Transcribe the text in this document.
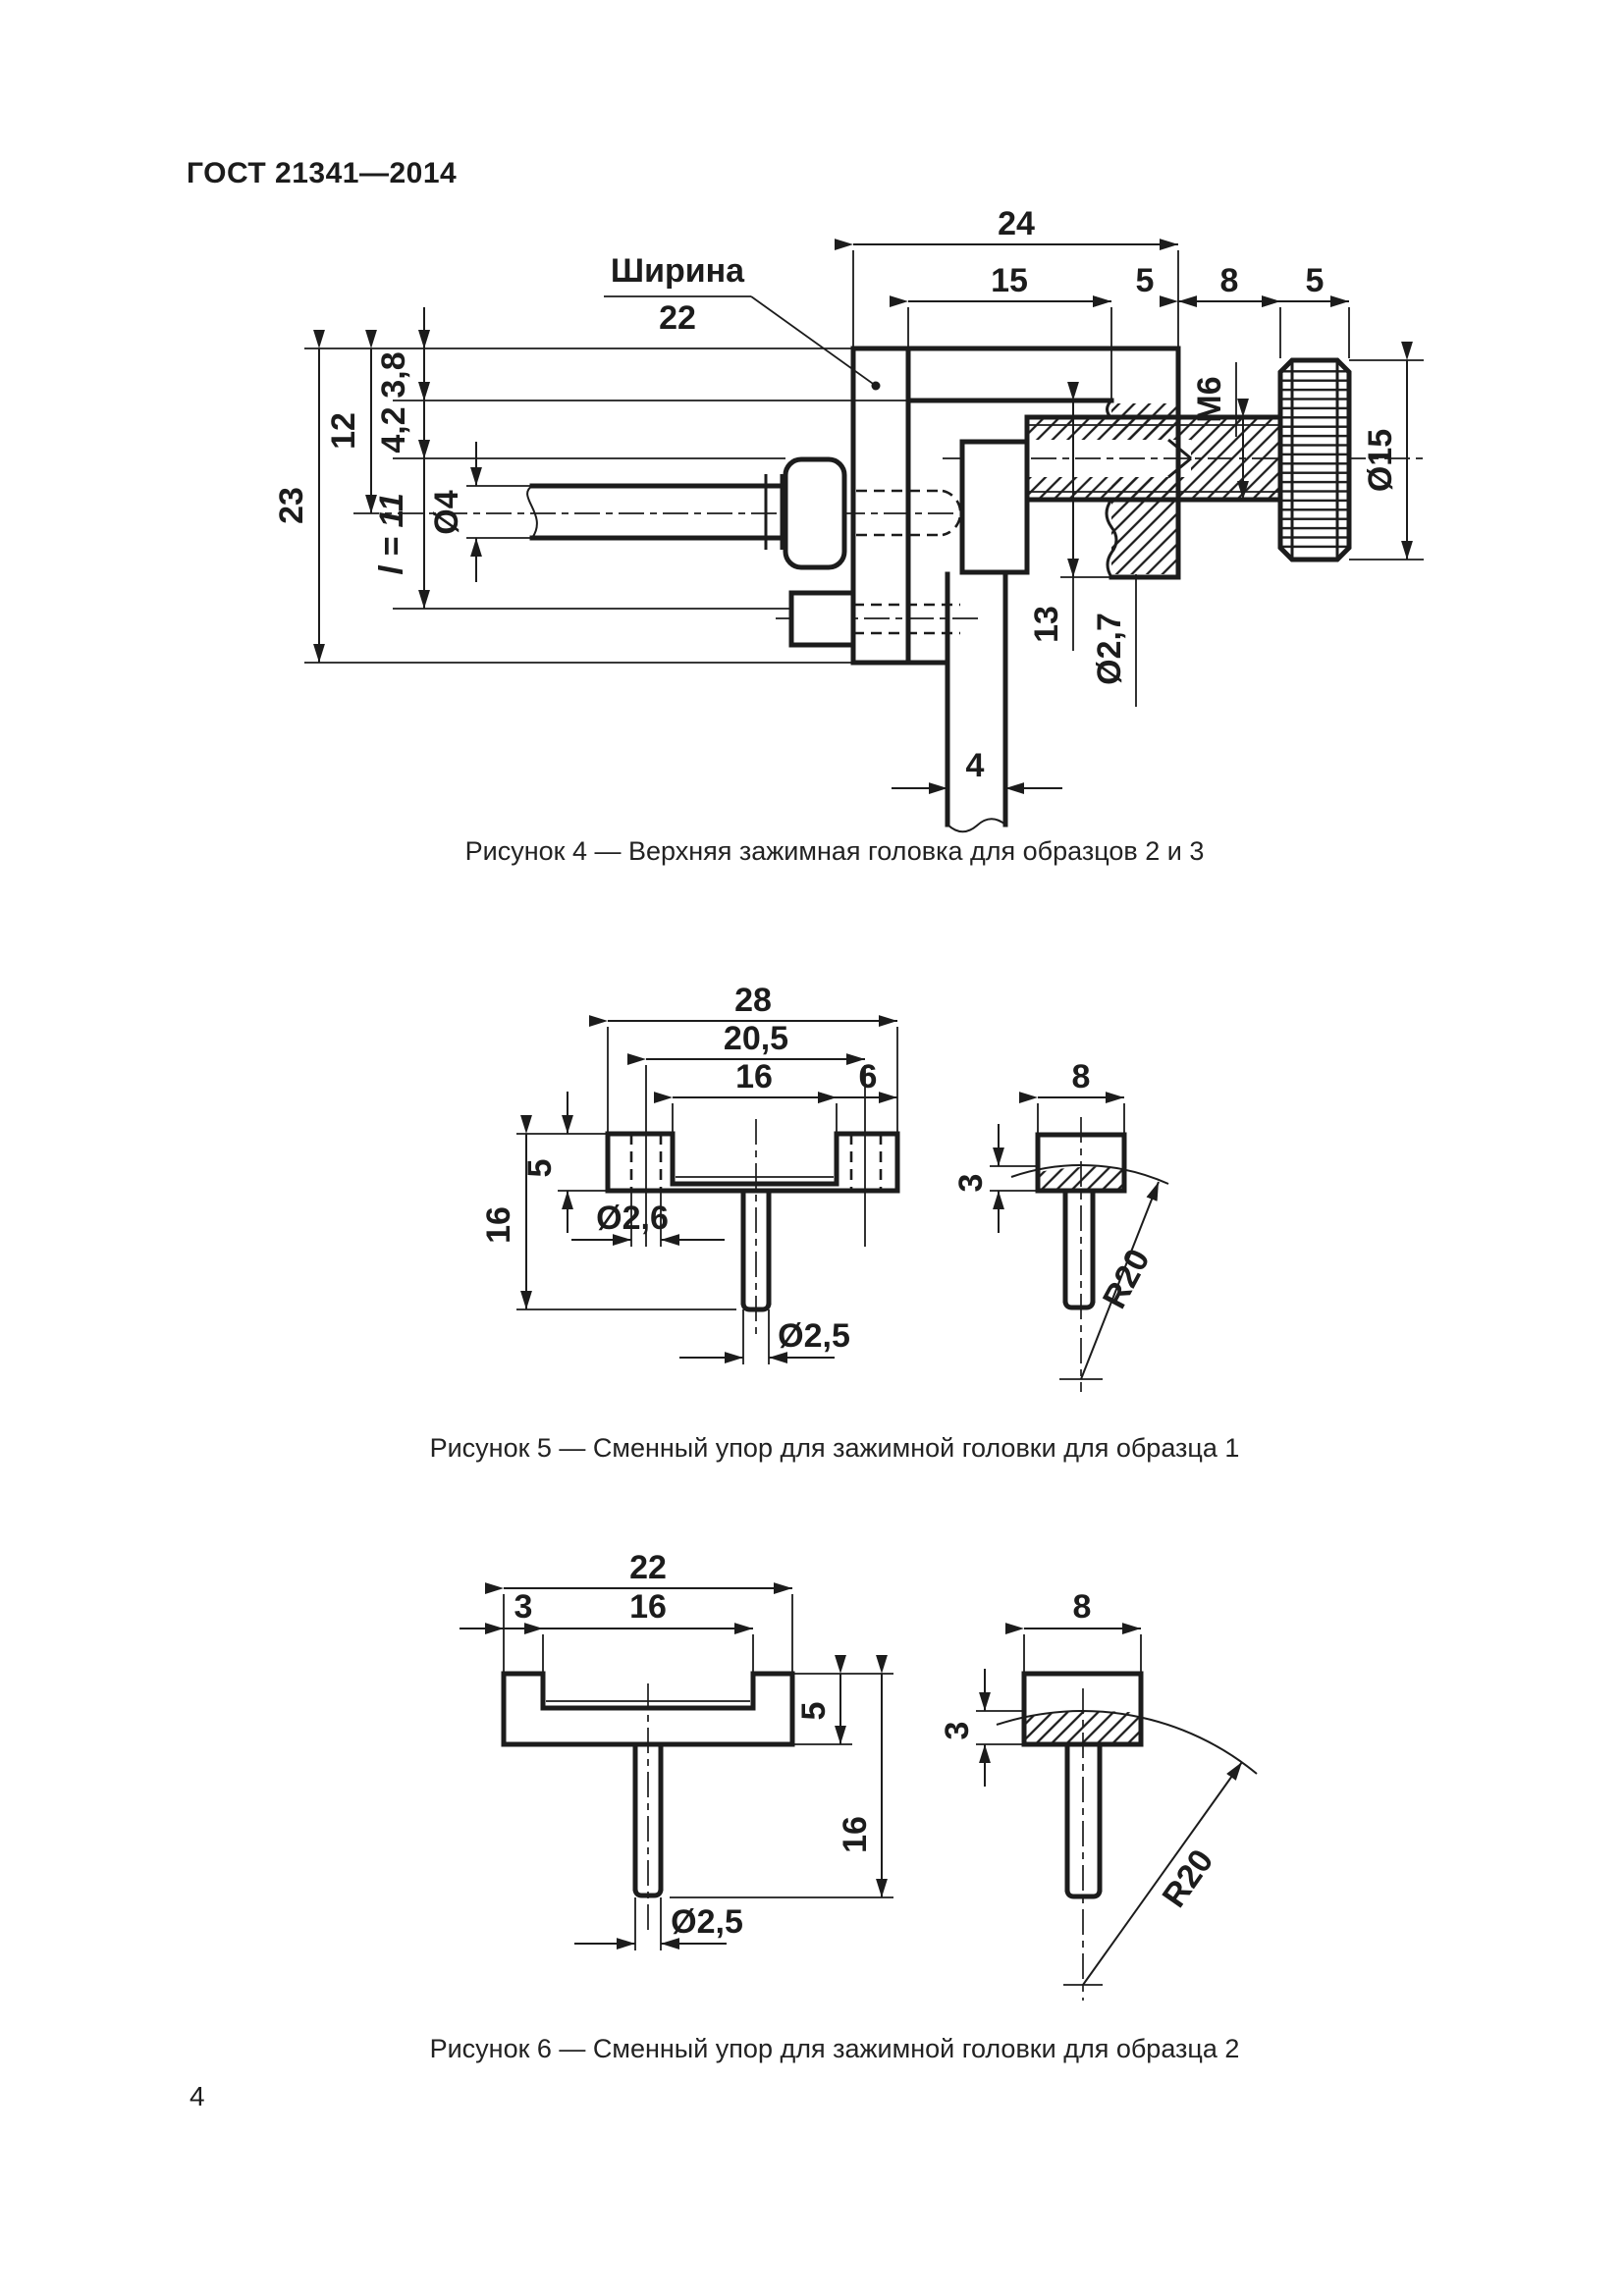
ГОСТ 21341—2014
24
15	5 8 5
Ширина
22
23
12
3,8
4,2
l = 11 Ø4
М6
Ø15
13 Ø2,7
4
Рисунок 4 — Верхняя зажимная головка для образцов 2 и 3
28
20,5
16	6
5
16 Ø2,6
Ø2,5
8
3
R20
Рисунок 5 — Сменный упор для зажимной головки для образца 1
22
3	16
5
16
Ø2,5
8
3
R20
Рисунок 6 — Сменный упор для зажимной головки для образца 2
4
